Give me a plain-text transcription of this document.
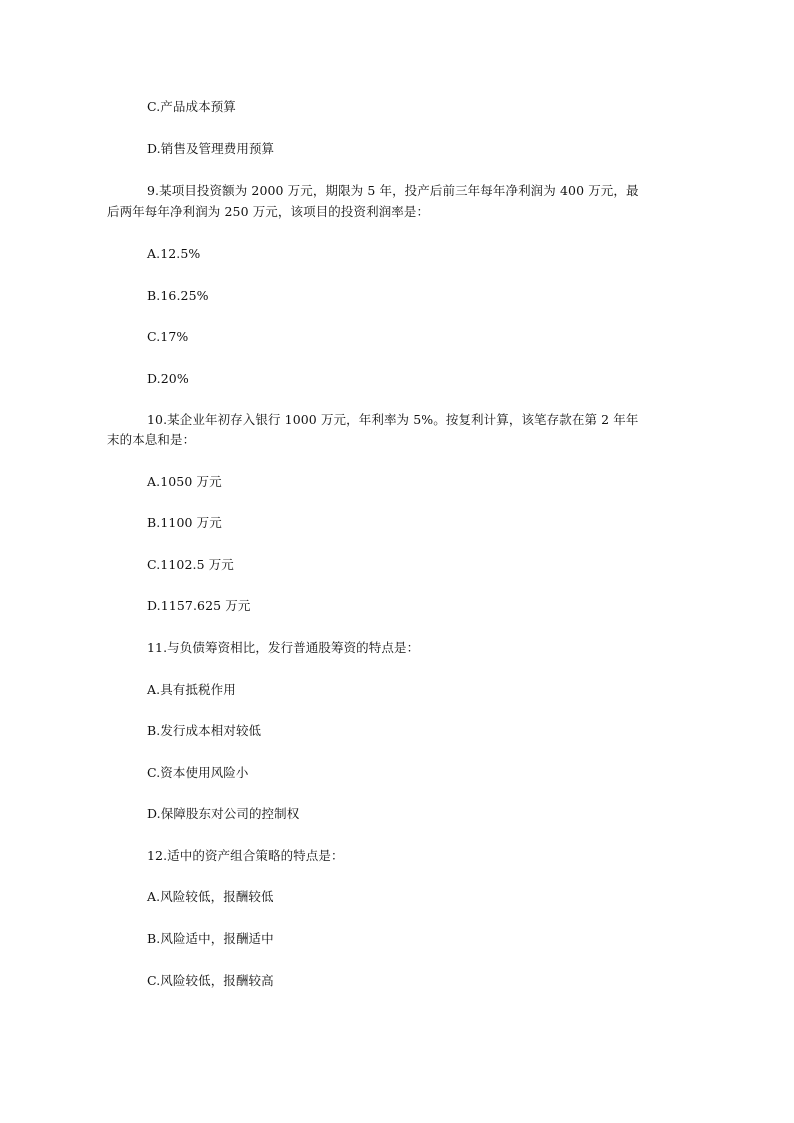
C.产品成本预算
D.销售及管理费用预算
9.某项目投资额为 2000 万元，期限为 5 年，投产后前三年每年净利润为 400 万元，最
后两年每年净利润为 250 万元，该项目的投资利润率是：
A.12.5%
B.16.25%
C.17%
D.20%
10.某企业年初存入银行 1000 万元，年利率为 5%。按复利计算，该笔存款在第 2 年年
末的本息和是：
A.1050 万元
B.1100 万元
C.1102.5 万元
D.1157.625 万元
11.与负债筹资相比，发行普通股筹资的特点是：
A.具有抵税作用
B.发行成本相对较低
C.资本使用风险小
D.保障股东对公司的控制权
12.适中的资产组合策略的特点是：
A.风险较低，报酬较低
B.风险适中，报酬适中
C.风险较低，报酬较高
